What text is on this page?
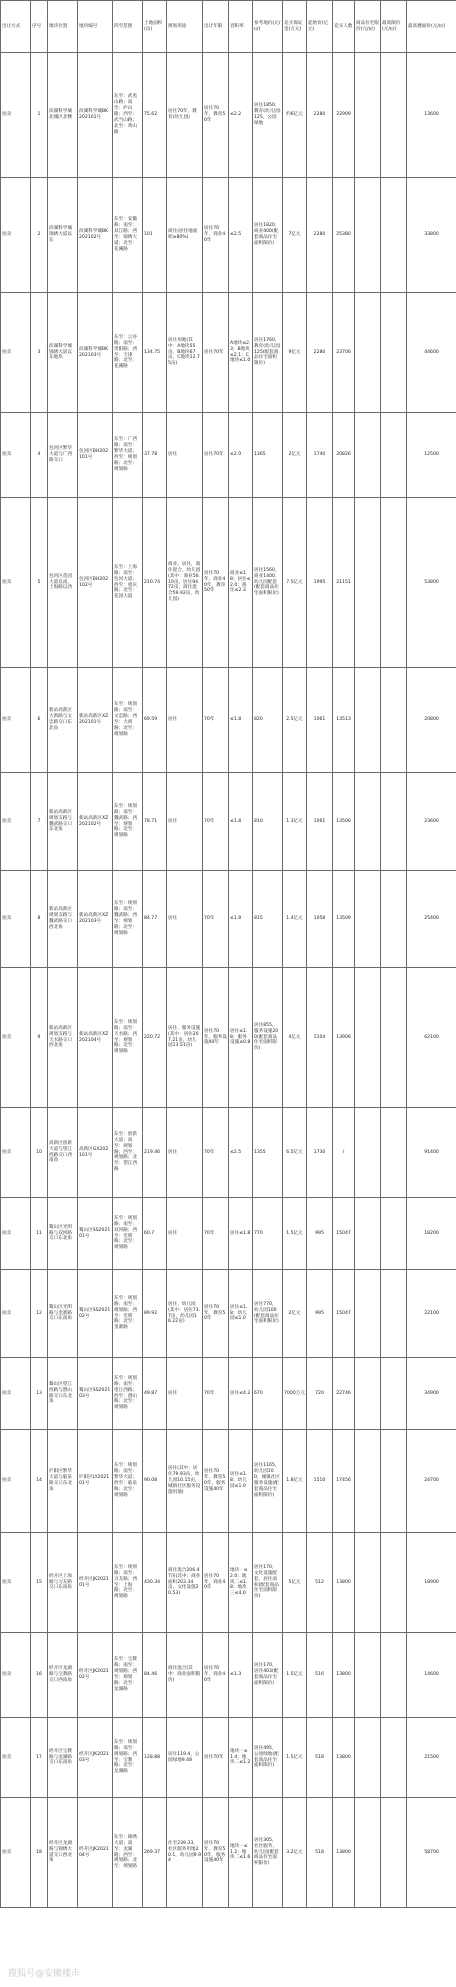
出让方式	序号	地块位置	地块编号	四至范围	土地面积(亩)	规划用途	出让年限	容积率	参考地价(元/㎡)	竞买保证金(万元)	起始价(亿元)	竞买人数	商品住宅限价(元/㎡)	最高限价(元/㎡)	最高楼面价(元/㎡)
拍卖	1	滨湖科学城北城区北侧	滨湖科学城BK202101号	东至：武夷山路；南至：庐山路；西至：武当山路；北至：黄山路	75.62	居住70年，教育(幼儿园)	居住70年，教育50年	≤2.2	居住1850，教育(幼儿园)125，公园绿地	约6亿元	2280	22909			13600
拍卖	2	滨湖科学城锦绣大道以东	滨湖科学城BK202102号	东至：安徽路；南至：双江路；西至：锦绣大道；北至：花溪路	101	商住(居住地面积≥80%)	居住70年，商业40年	≤2.5	居住1820，商业400(配套商品住宅面积限价)	7亿元	2280	25380			33800
拍卖	3	滨湖科学城锦绣大道以东地块	滨湖科学城BK202103号	东至：云谷路；南至：贵阳路；西至：天津路；北至：花溪路	134.75	居住用地(其中：A地块55亩，B地块67亩，C地块12.75亩)	居住70年	A地块≤2.3；B地块≤2.1；C地块≤1.0	居住1760，教育(幼儿园)125(配套商品住宅面积限价)	9亿元	2280	23706			44600
拍卖	4	包河区繁华大道与广西路交口	包河区BH202101号	东至：广西路；南至：繁华大道；西至：规划路；北至：规划路	37.78	居住	居住70年	≤2.0	1365	2亿元	1740	20826			12500
拍卖	5	包河区花园大道以南，上海路以西	包河区BH202102号	东至：上海路；南至：包河大道；西至：重庆路；北至：花园大道	210.74	商业、居住，商住混合，幼儿园(其中：商业56.10亩，居住94.72亩，商住混合59.92亩，幼儿园)	居住70年，商业40年，教育50年	商业≤1.8；居住≤2.0；商住≤2.3	居住1560，商业1400，幼儿园配套(配套商品住宅面积限价)	7.5亿元	1995	21151			53800
拍卖	6	新站高新区大禹路与文忠路交口东北角	新站高新区XZ202101号	东至：规划路；南至：文忠路；西至：大禹路；北至：规划路	69.59	居住	70年	≤1.8	820	2.5亿元	1061	13513			20800
拍卖	7	新站高新区规划支路与魏武路交口东北角	新站高新区XZ202102号	东至：规划路；南至：魏武路；西至：规划路；北至：规划路	78.71	居住	70年	≤1.8	810	1.3亿元	1061	13506			23600
拍卖	8	新站高新区规划支路与魏武路交口西北角	新站高新区XZ202103号	东至：规划路；南至：魏武路；西至：规划路；北至：规划路	84.77	居住	70年	≤1.8	815	1.4亿元	1058	13509			25400
拍卖	9	新站高新区规划支路与天水路交口西北角	新站高新区XZ202104号	东至：规划路；南至：天水路；西至：规划路；北至：规划路	220.72	居住，服务设施(其中：居住207.21亩，幼儿园13.51亩)	居住70年，服务设施40年	居住≤1.8；服务设施≤0.8	居住855，服务设施200(配套商品住宅面积限价)	4亿元	1104	13906			62100
拍卖	10	高新区创新大道与望江西路交口西南角	高新区GX202101号	东至：创新大道；南至：规划路；西至：规划路；北至：望江西路	219.46	居住	70年	≤2.5	1355	6.5亿元	1730	/			91400
拍卖	11	蜀山区光明路与双河路交口东北角	蜀山区SS202101号	东至：规划路；南至：双河路；西至：光明路；北至：规划路	60.7	居住	70年	居住≤1.8	770	1.5亿元	995	15047			18200
拍卖	12	蜀山区光明路与金寨路交口东南角	蜀山区SS202102号	东至：规划路；南至：规划路；西至：光明路；北至：金寨路	89.92	居住、幼儿园(其中：居住73.7亩，幼儿园16.22亩)	居住70年，教育50年	居住≤1.8；幼儿园≤1.0	居住770，幼儿园100(配套商品住宅面积限价)	2亿元	995	15047			22100
拍卖	13	蜀山区望江西路与潜山路交口东北角	蜀山区SS202103号	东至：规划路；南至：望江西路；西至：潜山路；北至：规划路	49.87	居住	70年	居住≤4.2	670	7000万元	720	22746			34900
拍卖	14	庐阳区繁华大道与临泉路交口东北角	庐阳区LY202101号	东至：规划路；南至：繁华大道；西至：临泉路；北至：规划路	90.08	居住(其中：居住79.93亩，幼儿园10.15亩，城镇社区服务设施用地)	居住70年，教育50年，服务设施40年	居住≤1.8；幼儿园≤1.0	居住1165，幼儿园100，城镇社区服务设施(配套商品住宅面积限价)	1.8亿元	1510	17456			24700
拍卖	15	经开区上海路与习友路交口东南角	经开区JK202101号	东至：规划路；南至：习友路；西至：上海路；北至：规划路	430.34	商住混合206.47亩(其中：商业面积203.34亩，文化设施20.53)	居住70年，商业40年	地块一≤2.0；地块二≤1.8；地块三≤4.0	居住170，文化设施配套，居住面积(配套商品住宅面积限价)	5亿元	512	13800			18900
拍卖	16	经开区龙湖路与宝教路交口西南角	经开区JK202102号	东至：宝教路；南至：规划路；西至：规划路；北至：龙湖路	84.46	商住混合(其中：商业面积限价)	居住70年，商业40年	≤1.3	居住170，居住403(配套商品住宅面积限价)	1.5亿元	516	13800			14600
拍卖	17	经开区宝教路与龙湖路交口东南角	经开区JK202103号	东至：规划路；南至：规划路；西至：宝教路；北至：龙湖路	128.88	居住119.4，公园绿地9.48	居住70年	地块一≤1.4；地块二≤1.2	居住495，公园绿地(配套商品住宅面积限价)	1.5亿元	518	13800			21500
拍卖	18	经开区龙湖路与锦绣大道交口西北角	经开区JK202104号	东至：锦绣大道；南至：龙湖路；西至：规划路；北至：规划路	269.37	住宅239.33，社区服务用地20.1，幼儿园9.94	居住70年，教育50年，服务设施40年	地块一≤1.2；地块二≤1.6	居住305，社区服务，幼儿园(配套商品住宅面积限价)	3.2亿元	518	13800			58700
搜狐号@安徽楼市
